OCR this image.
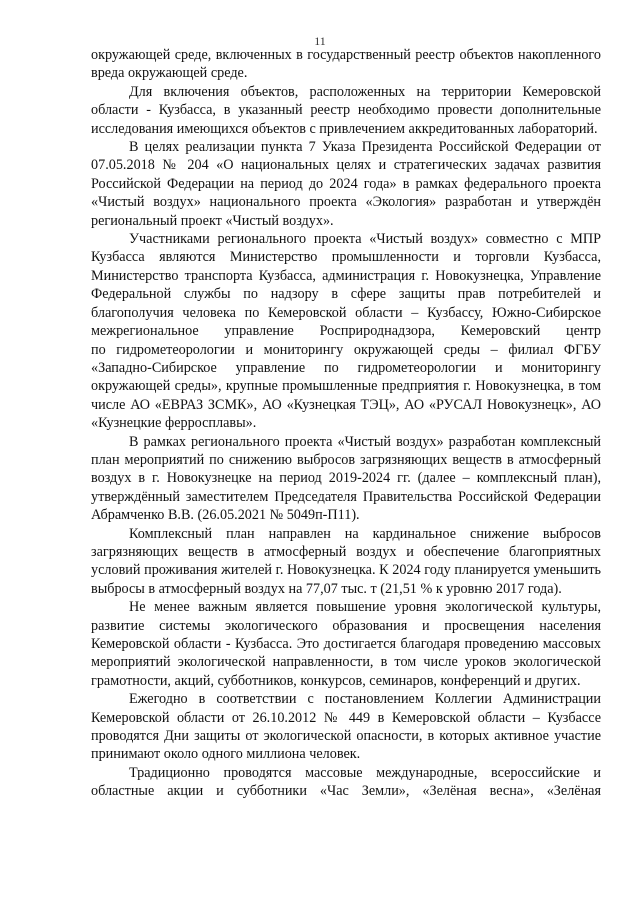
11

окружающей среде, включенных в государственный реестр объектов накопленного вреда окружающей среде.

Для включения объектов, расположенных на территории Кемеровской области - Кузбасса, в указанный реестр необходимо провести дополнительные исследования имеющихся объектов с привлечением аккредитованных лабораторий.

В целях реализации пункта 7 Указа Президента Российской Федерации от 07.05.2018 № 204 «О национальных целях и стратегических задачах развития Российской Федерации на период до 2024 года» в рамках федерального проекта «Чистый воздух» национального проекта «Экология» разработан и утверждён региональный проект «Чистый воздух».

Участниками регионального проекта «Чистый воздух» совместно с МПР Кузбасса являются Министерство промышленности и торговли Кузбасса, Министерство транспорта Кузбасса, администрация г. Новокузнецка, Управление Федеральной службы по надзору в сфере защиты прав потребителей и благополучия человека по Кемеровской области – Кузбассу, Южно-Сибирское межрегиональное управление Росприроднадзора, Кемеровский центр

по гидрометеорологии и мониторингу окружающей среды – филиал ФГБУ «Западно-Сибирское управление по гидрометеорологии и мониторингу окружающей среды», крупные промышленные предприятия г. Новокузнецка, в том числе АО «ЕВРАЗ ЗСМК», АО «Кузнецкая ТЭЦ», АО «РУСАЛ Новокузнецк», АО «Кузнецкие ферросплавы».

В рамках регионального проекта «Чистый воздух» разработан комплексный план мероприятий по снижению выбросов загрязняющих веществ в атмосферный воздух в г. Новокузнецке на период 2019-2024 гг. (далее – комплексный план), утверждённый заместителем Председателя Правительства Российской Федерации Абрамченко В.В. (26.05.2021 № 5049п-П11).

Комплексный план направлен на кардинальное снижение выбросов загрязняющих веществ в атмосферный воздух и обеспечение благоприятных условий проживания жителей г. Новокузнецка. К 2024 году планируется уменьшить выбросы в атмосферный воздух на 77,07 тыс. т (21,51 % к уровню 2017 года).

Не менее важным является повышение уровня экологической культуры, развитие системы экологического образования и просвещения населения Кемеровской области - Кузбасса. Это достигается благодаря проведению массовых мероприятий экологической направленности, в том числе уроков экологической грамотности, акций, субботников, конкурсов, семинаров, конференций и других.

Ежегодно в соответствии с постановлением Коллегии Администрации Кемеровской области от 26.10.2012 № 449 в Кемеровской области – Кузбассе проводятся Дни защиты от экологической опасности, в которых активное участие принимают около одного миллиона человек.

Традиционно проводятся массовые международные, всероссийские и областные акции и субботники «Час Земли», «Зелёная весна», «Зелёная
